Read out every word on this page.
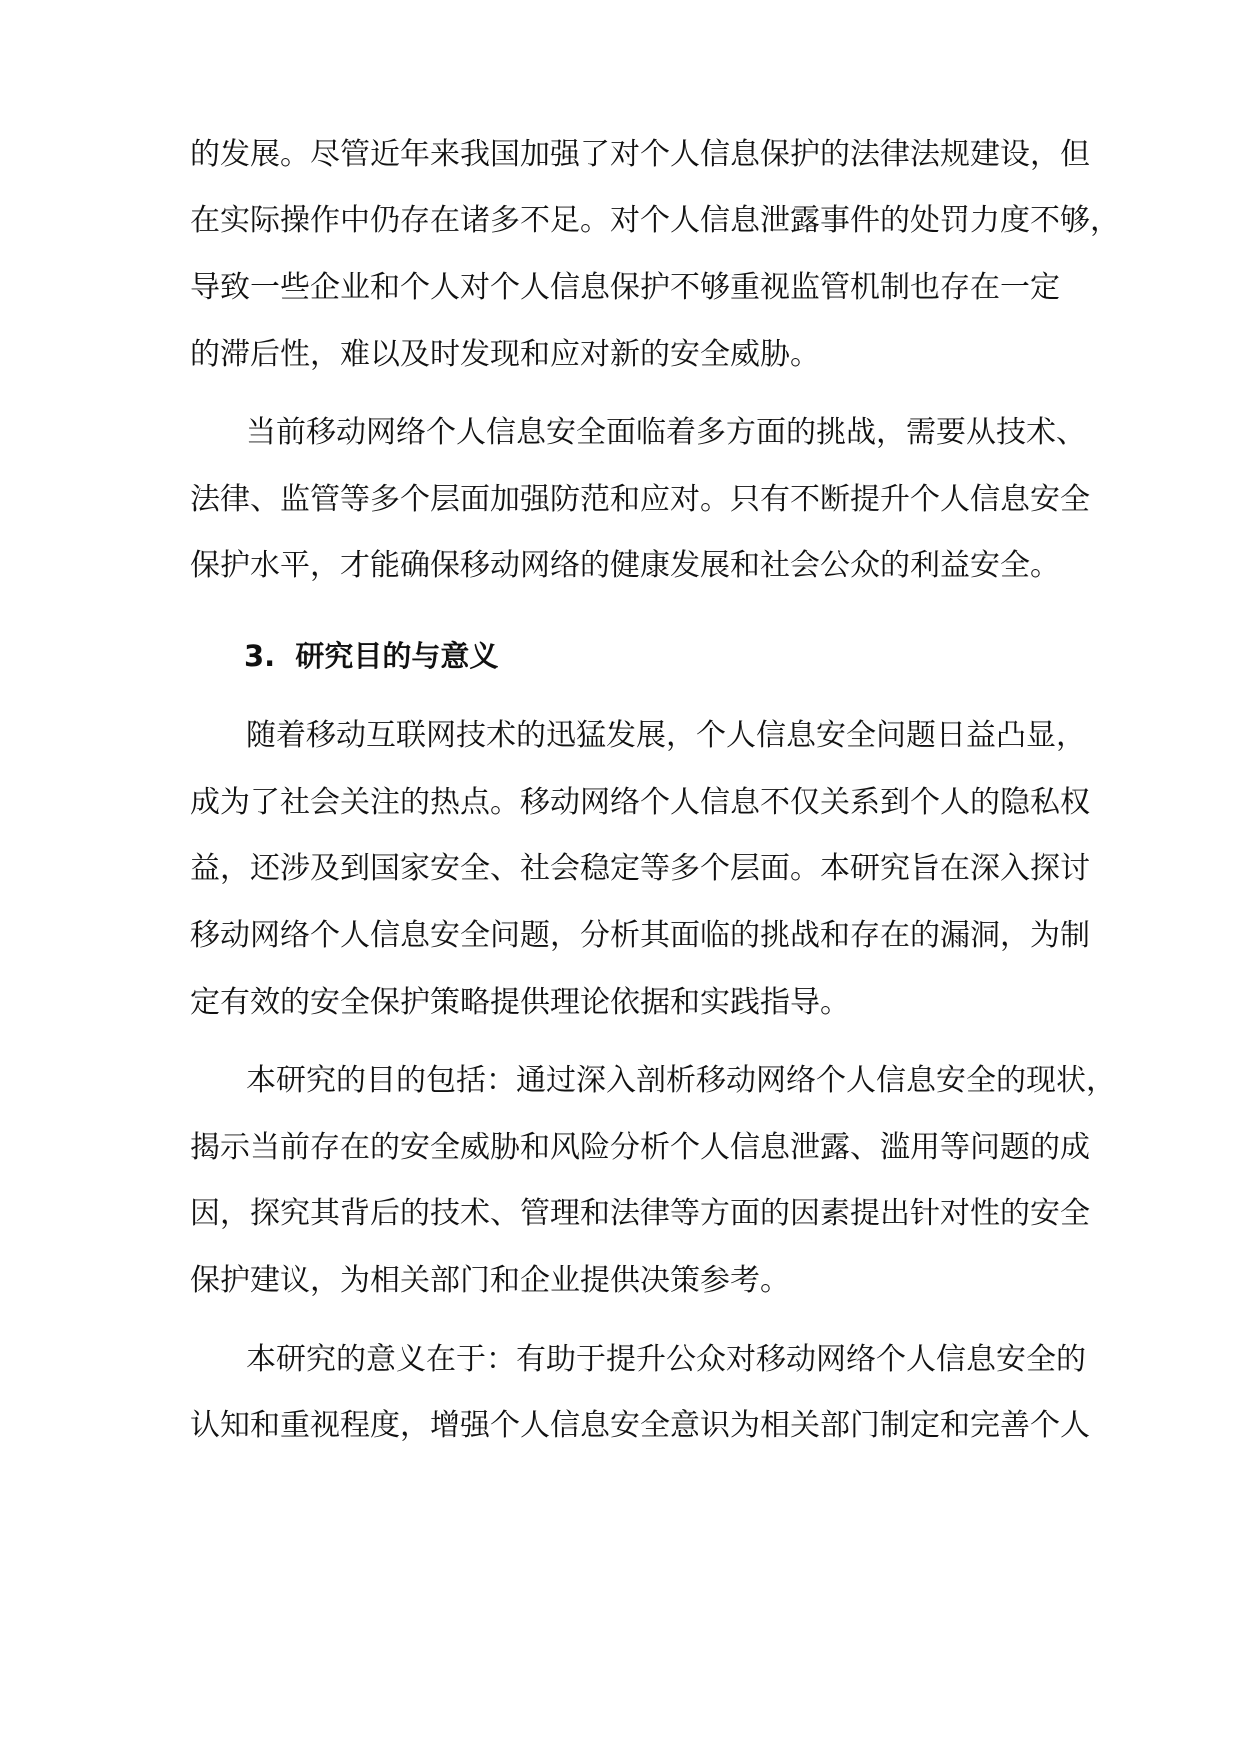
的发展。尽管近年来我国加强了对个人信息保护的法律法规建设，但
在实际操作中仍存在诸多不足。对个人信息泄露事件的处罚力度不够，
导致一些企业和个人对个人信息保护不够重视监管机制也存在一定
的滞后性，难以及时发现和应对新的安全威胁。
当前移动网络个人信息安全面临着多方面的挑战，需要从技术、
法律、监管等多个层面加强防范和应对。只有不断提升个人信息安全
保护水平，才能确保移动网络的健康发展和社会公众的利益安全。
3. 研究目的与意义
随着移动互联网技术的迅猛发展，个人信息安全问题日益凸显，
成为了社会关注的热点。移动网络个人信息不仅关系到个人的隐私权
益，还涉及到国家安全、社会稳定等多个层面。本研究旨在深入探讨
移动网络个人信息安全问题，分析其面临的挑战和存在的漏洞，为制
定有效的安全保护策略提供理论依据和实践指导。
本研究的目的包括：通过深入剖析移动网络个人信息安全的现状，
揭示当前存在的安全威胁和风险分析个人信息泄露、滥用等问题的成
因，探究其背后的技术、管理和法律等方面的因素提出针对性的安全
保护建议，为相关部门和企业提供决策参考。
本研究的意义在于：有助于提升公众对移动网络个人信息安全的
认知和重视程度，增强个人信息安全意识为相关部门制定和完善个人
